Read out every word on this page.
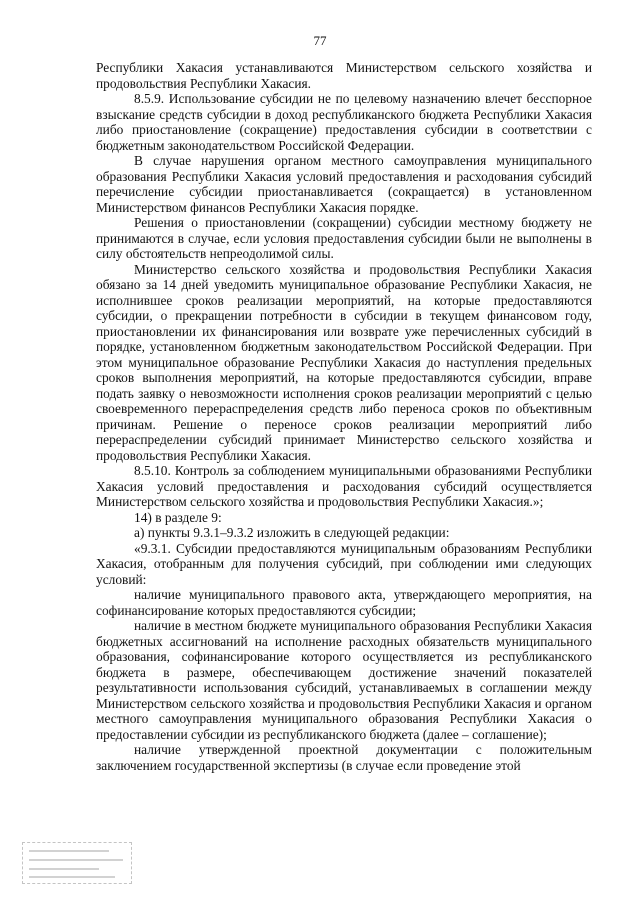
77

Республики Хакасия устанавливаются Министерством сельского хозяйства и продовольствия Республики Хакасия.

8.5.9. Использование субсидии не по целевому назначению влечет бесспорное взыскание средств субсидии в доход республиканского бюджета Республики Хакасия либо приостановление (сокращение) предоставления субсидии в соответствии с бюджетным законодательством Российской Федерации.

В случае нарушения органом местного самоуправления муниципального образования Республики Хакасия условий предоставления и расходования субсидий перечисление субсидии приостанавливается (сокращается) в установленном Министерством финансов Республики Хакасия порядке.

Решения о приостановлении (сокращении) субсидии местному бюджету не принимаются в случае, если условия предоставления субсидии были не выполнены в силу обстоятельств непреодолимой силы.

Министерство сельского хозяйства и продовольствия Республики Хакасия обязано за 14 дней уведомить муниципальное образование Республики Хакасия, не исполнившее сроков реализации мероприятий, на которые предоставляются субсидии, о прекращении потребности в субсидии в текущем финансовом году, приостановлении их финансирования или возврате уже перечисленных субсидий в порядке, установленном бюджетным законодательством Российской Федерации. При этом муниципальное образование Республики Хакасия до наступления предельных сроков выполнения мероприятий, на которые предоставляются субсидии, вправе подать заявку о невозможности исполнения сроков реализации мероприятий с целью своевременного перераспределения средств либо переноса сроков по объективным причинам. Решение о переносе сроков реализации мероприятий либо перераспределении субсидий принимает Министерство сельского хозяйства и продовольствия Республики Хакасия.

8.5.10. Контроль за соблюдением муниципальными образованиями Республики Хакасия условий предоставления и расходования субсидий осуществляется Министерством сельского хозяйства и продовольствия Республики Хакасия.»;

14) в разделе 9:

а) пункты 9.3.1–9.3.2 изложить в следующей редакции:

«9.3.1. Субсидии предоставляются муниципальным образованиям Республики Хакасия, отобранным для получения субсидий, при соблюдении ими следующих условий:

наличие муниципального правового акта, утверждающего мероприятия, на софинансирование которых предоставляются субсидии;

наличие в местном бюджете муниципального образования Республики Хакасия бюджетных ассигнований на исполнение расходных обязательств муниципального образования, софинансирование которого осуществляется из республиканского бюджета в размере, обеспечивающем достижение значений показателей результативности использования субсидий, устанавливаемых в соглашении между Министерством сельского хозяйства и продовольствия Республики Хакасия и органом местного самоуправления муниципального образования Республики Хакасия о предоставлении субсидии из республиканского бюджета (далее – соглашение);

наличие утвержденной проектной документации с положительным заключением государственной экспертизы (в случае если проведение этой
